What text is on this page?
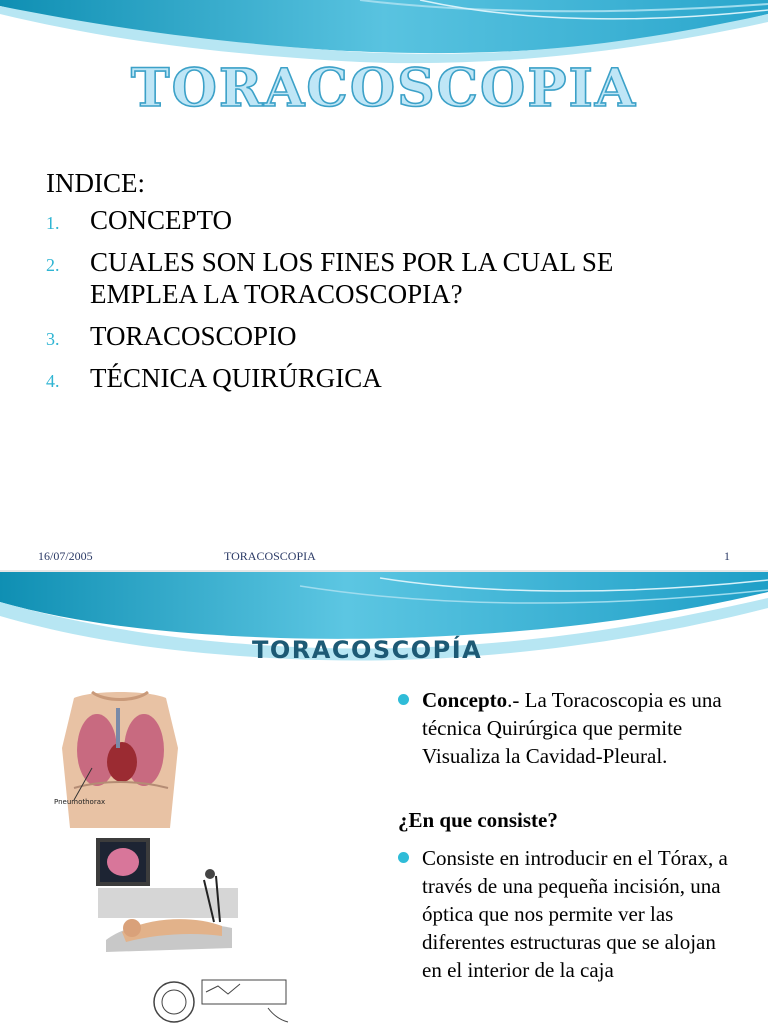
TORACOSCOPIA
INDICE:
1. CONCEPTO
2. CUALES SON LOS FINES POR LA CUAL SE EMPLEA LA TORACOSCOPIA?
3. TORACOSCOPIO
4. TÉCNICA QUIRÚRGICA
16/07/2005	TORACOSCOPIA	1
TORACOSCOPÍA
Pneumothorax
Concepto.- La Toracoscopia es una técnica Quirúrgica que permite Visualiza la Cavidad-Pleural.
¿En que consiste?
Consiste en introducir en el Tórax, a través de una pequeña incisión, una óptica que nos permite ver las diferentes estructuras que se alojan en el interior de la caja
